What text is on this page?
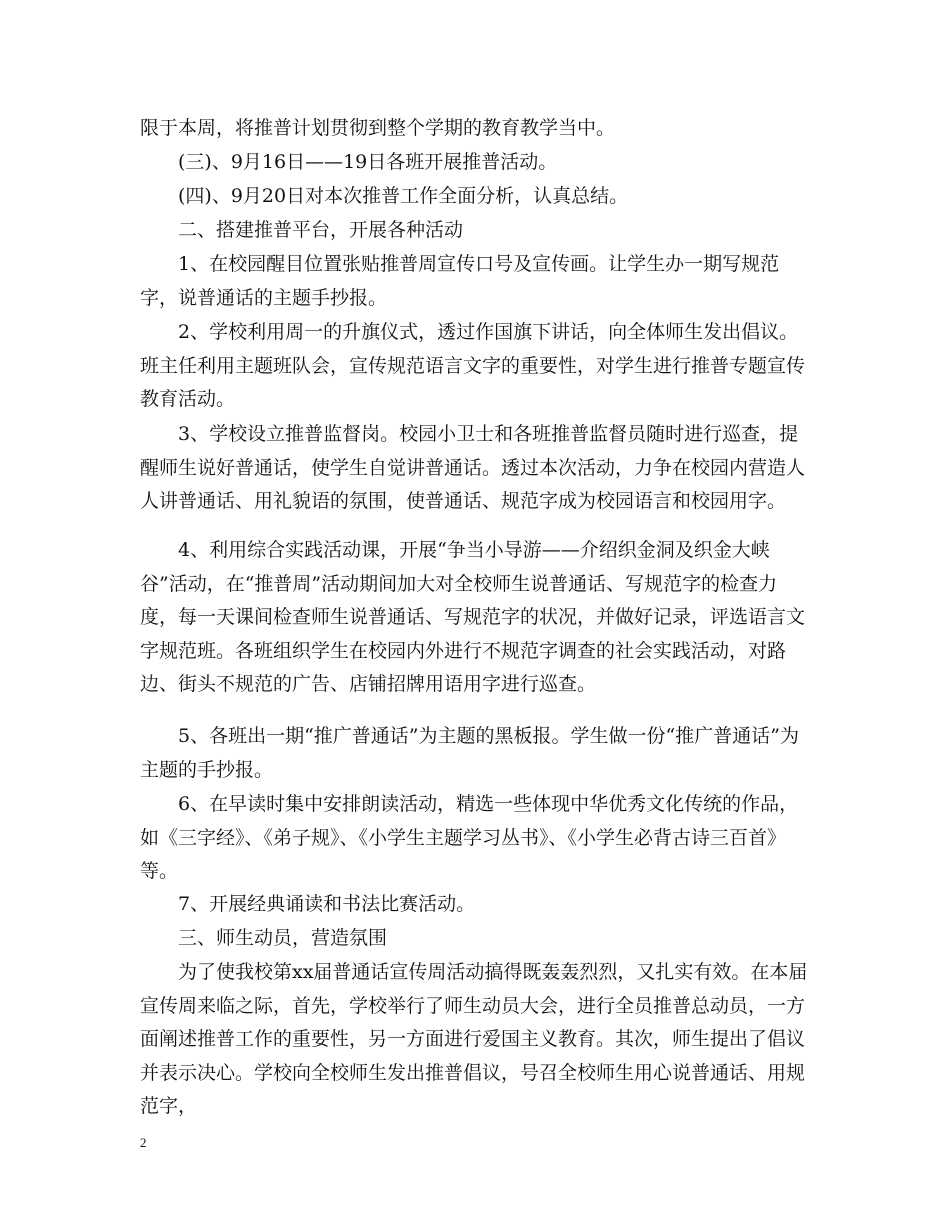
限于本周，将推普计划贯彻到整个学期的教育教学当中。
(三)、9月16日——19日各班开展推普活动。
(四)、9月20日对本次推普工作全面分析，认真总结。
二、搭建推普平台，开展各种活动
1、在校园醒目位置张贴推普周宣传口号及宣传画。让学生办一期写规范字，说普通话的主题手抄报。
2、学校利用周一的升旗仪式，透过作国旗下讲话，向全体师生发出倡议。班主任利用主题班队会，宣传规范语言文字的重要性，对学生进行推普专题宣传教育活动。
3、学校设立推普监督岗。校园小卫士和各班推普监督员随时进行巡查，提醒师生说好普通话，使学生自觉讲普通话。透过本次活动，力争在校园内营造人人讲普通话、用礼貌语的氛围，使普通话、规范字成为校园语言和校园用字。
4、利用综合实践活动课，开展“争当小导游——介绍织金洞及织金大峡谷”活动，在“推普周”活动期间加大对全校师生说普通话、写规范字的检查力度，每一天课间检查师生说普通话、写规范字的状况，并做好记录，评选语言文字规范班。各班组织学生在校园内外进行不规范字调查的社会实践活动，对路边、街头不规范的广告、店铺招牌用语用字进行巡查。
5、各班出一期“推广普通话”为主题的黑板报。学生做一份“推广普通话”为主题的手抄报。
6、在早读时集中安排朗读活动，精选一些体现中华优秀文化传统的作品，如《三字经》、《弟子规》、《小学生主题学习丛书》、《小学生必背古诗三百首》等。
7、开展经典诵读和书法比赛活动。
三、师生动员，营造氛围
为了使我校第xx届普通话宣传周活动搞得既轰轰烈烈，又扎实有效。在本届宣传周来临之际，首先，学校举行了师生动员大会，进行全员推普总动员，一方面阐述推普工作的重要性，另一方面进行爱国主义教育。其次，师生提出了倡议并表示决心。学校向全校师生发出推普倡议，号召全校师生用心说普通话、用规范字，
2
